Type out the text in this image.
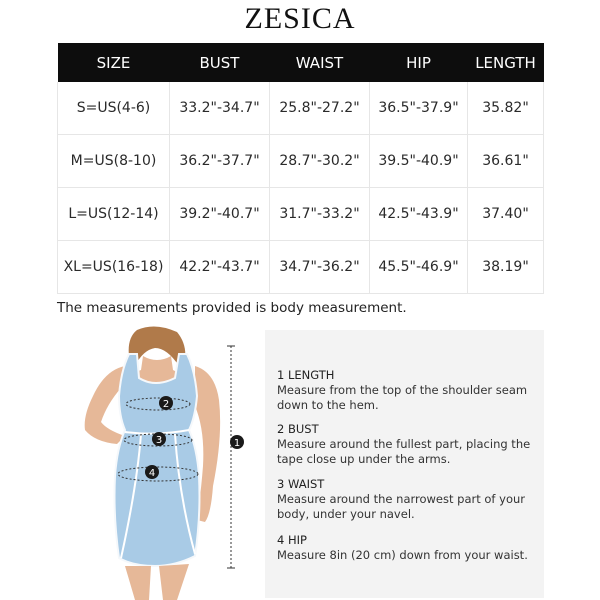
ZESICA
SIZE	BUST	WAIST	HIP	LENGTH
S=US(4-6)	33.2"-34.7"	25.8"-27.2"	36.5"-37.9"	35.82"
M=US(8-10)	36.2"-37.7"	28.7"-30.2"	39.5"-40.9"	36.61"
L=US(12-14)	39.2"-40.7"	31.7"-33.2"	42.5"-43.9"	37.40"
XL=US(16-18)	42.2"-43.7"	34.7"-36.2"	45.5"-46.9"	38.19"
The measurements provided is body measurement.
2
3
4
1
1 LENGTH
Measure from the top of the shoulder seam down to the hem.
2 BUST
Measure around the fullest part, placing the tape close up under the arms.
3 WAIST
Measure around the narrowest part of your body, under your navel.
4 HIP
Measure 8in (20 cm) down from your waist.
